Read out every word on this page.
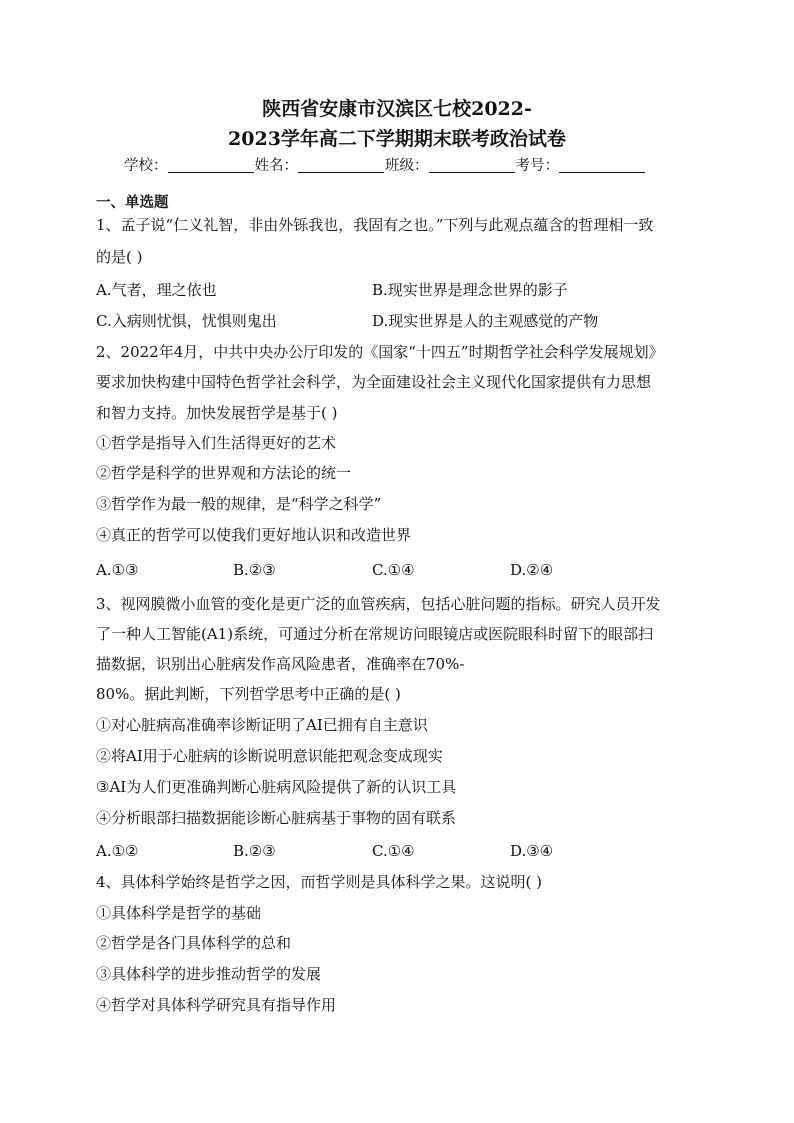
陕西省安康市汉滨区七校2022-
2023学年高二下学期期末联考政治试卷
学校：	姓名：	班级：	考号：
一、单选题
1、孟子说“仁义礼智，非由外铄我也，我固有之也。”下列与此观点蕴含的哲理相一致
的是( )
A.气者，理之依也	B.现实世界是理念世界的影子
C.入病则忧惧，忧惧则鬼出	D.现实世界是人的主观感觉的产物
2、2022年4月，中共中央办公厅印发的《国家“十四五”时期哲学社会科学发展规划》
要求加快构建中国特色哲学社会科学，为全面建设社会主义现代化国家提供有力思想
和智力支持。加快发展哲学是基于( )
①哲学是指导入们生活得更好的艺术
②哲学是科学的世界观和方法论的统一
③哲学作为最一般的规律，是“科学之科学”
④真正的哲学可以使我们更好地认识和改造世界
A.①③	B.②③	C.①④	D.②④
3、视网膜微小血管的变化是更广泛的血管疾病，包括心脏问题的指标。研究人员开发
了一种人工智能(A1)系统，可通过分析在常规访问眼镜店或医院眼科时留下的眼部扫
描数据，识别出心脏病发作高风险患者，准确率在70%-
80%。据此判断，下列哲学思考中正确的是( )
①对心脏病高准确率诊断证明了AI已拥有自主意识
②将AI用于心脏病的诊断说明意识能把观念变成现实
③AI为人们更准确判断心脏病风险提供了新的认识工具
④分析眼部扫描数据能诊断心脏病基于事物的固有联系
A.①②	B.②③	C.①④	D.③④
4、具体科学始终是哲学之因，而哲学则是具体科学之果。这说明( )
①具体科学是哲学的基础
②哲学是各门具体科学的总和
③具体科学的进步推动哲学的发展
④哲学对具体科学研究具有指导作用
